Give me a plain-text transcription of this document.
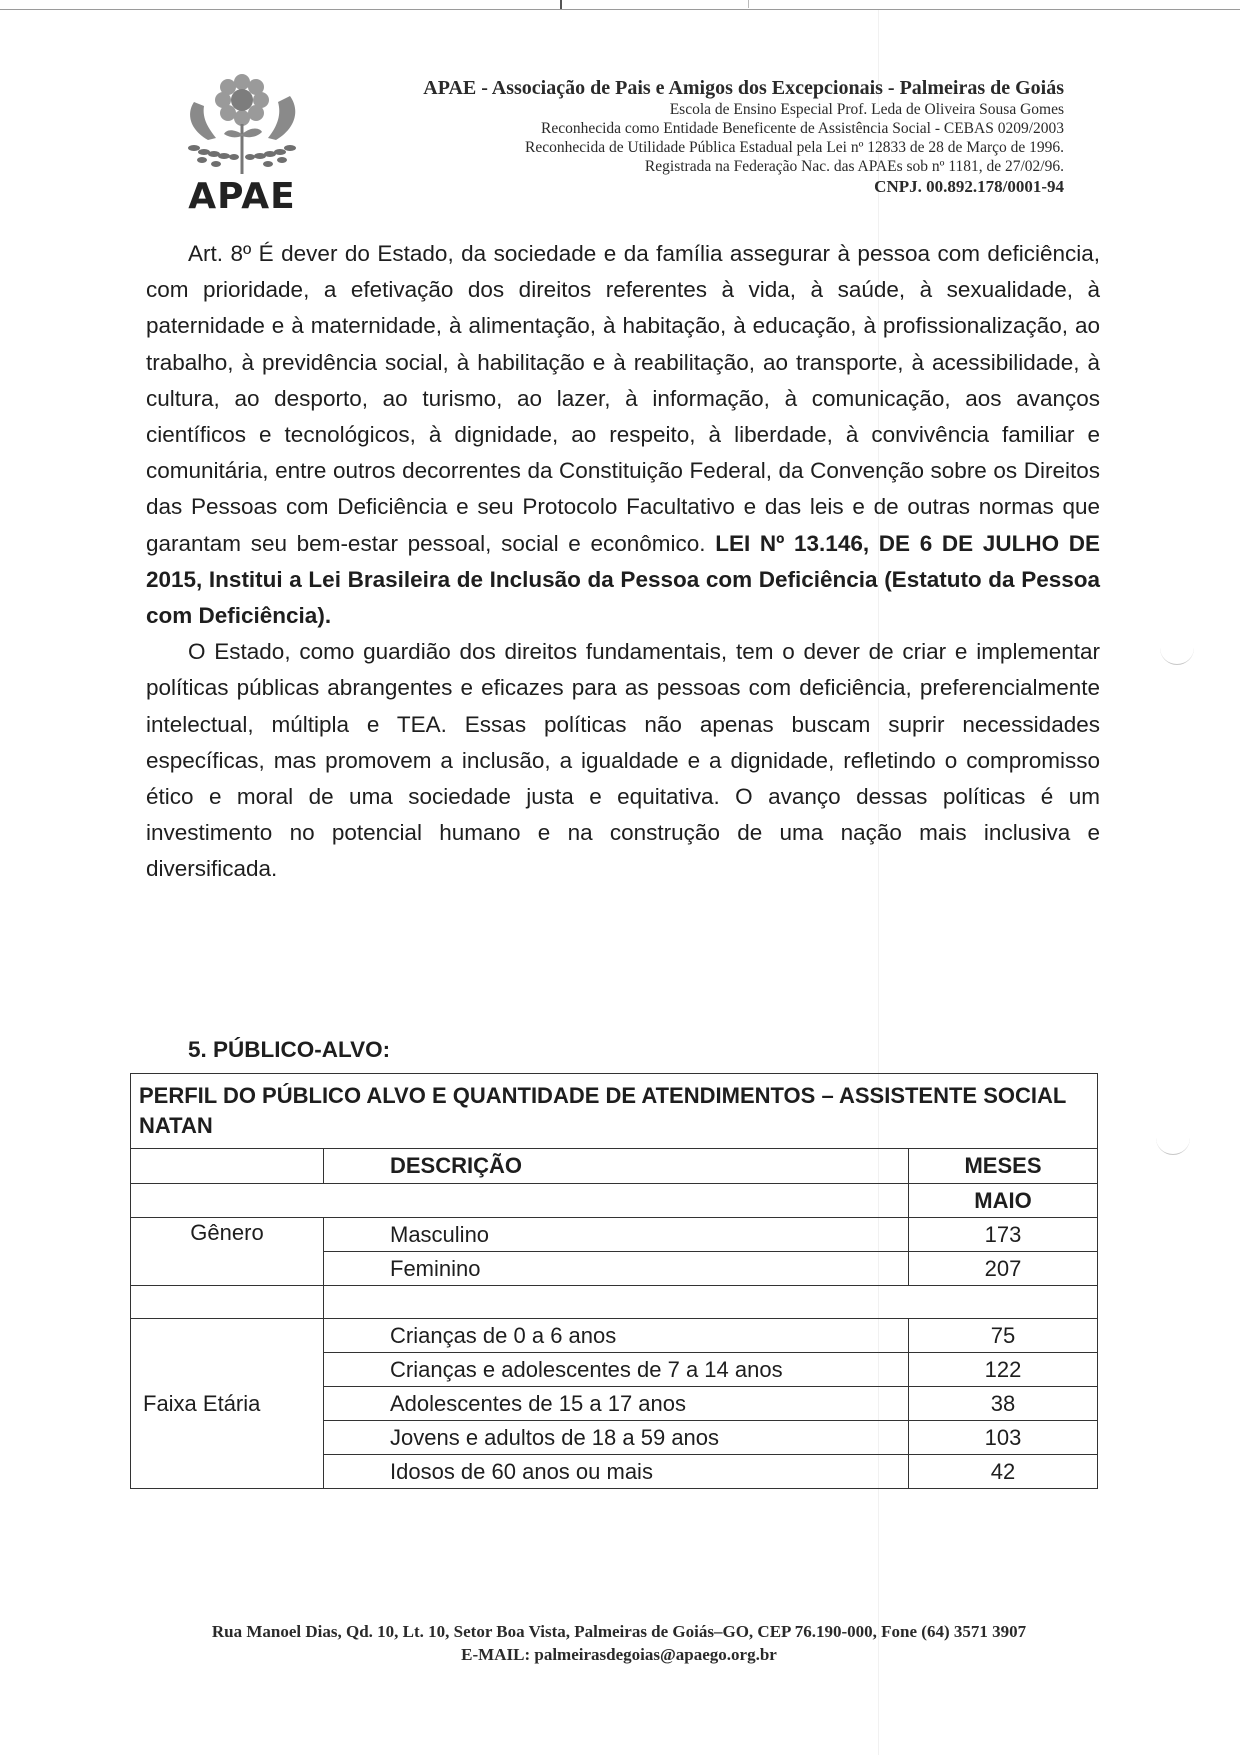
APAE
APAE - Associação de Pais e Amigos dos Excepcionais - Palmeiras de Goiás
Escola de Ensino Especial Prof. Leda de Oliveira Sousa Gomes
Reconhecida como Entidade Beneficente de Assistência Social - CEBAS 0209/2003
Reconhecida de Utilidade Pública Estadual pela Lei nº 12833 de 28 de Março de 1996.
Registrada na Federação Nac. das APAEs sob nº 1181, de 27/02/96.
CNPJ. 00.892.178/0001-94

Art. 8º É dever do Estado, da sociedade e da família assegurar à pessoa com deficiência, com prioridade, a efetivação dos direitos referentes à vida, à saúde, à sexualidade, à paternidade e à maternidade, à alimentação, à habitação, à educação, à profissionalização, ao trabalho, à previdência social, à habilitação e à reabilitação, ao transporte, à acessibilidade, à cultura, ao desporto, ao turismo, ao lazer, à informação, à comunicação, aos avanços científicos e tecnológicos, à dignidade, ao respeito, à liberdade, à convivência familiar e comunitária, entre outros decorrentes da Constituição Federal, da Convenção sobre os Direitos das Pessoas com Deficiência e seu Protocolo Facultativo e das leis e de outras normas que garantam seu bem-estar pessoal, social e econômico. LEI Nº 13.146, DE 6 DE JULHO DE 2015, Institui a Lei Brasileira de Inclusão da Pessoa com Deficiência (Estatuto da Pessoa com Deficiência).

O Estado, como guardião dos direitos fundamentais, tem o dever de criar e implementar políticas públicas abrangentes e eficazes para as pessoas com deficiência, preferencialmente intelectual, múltipla e TEA. Essas políticas não apenas buscam suprir necessidades específicas, mas promovem a inclusão, a igualdade e a dignidade, refletindo o compromisso ético e moral de uma sociedade justa e equitativa. O avanço dessas políticas é um investimento no potencial humano e na construção de uma nação mais inclusiva e diversificada.

5. PÚBLICO-ALVO:
PERFIL DO PÚBLICO ALVO E QUANTIDADE DE ATENDIMENTOS – ASSISTENTE SOCIAL NATAN		
	DESCRIÇÃO	MESES
		MAIO
Gênero	Masculino	173
	Feminino	207

Faixa Etária	Crianças de 0 a 6 anos	75
	Crianças e adolescentes de 7 a 14 anos	122
	Adolescentes de 15 a 17 anos	38
	Jovens e adultos de 18 a 59 anos	103
	Idosos de 60 anos ou mais	42
Rua Manoel Dias, Qd. 10, Lt. 10, Setor Boa Vista, Palmeiras de Goiás–GO, CEP 76.190-000, Fone (64) 3571 3907
E-MAIL: palmeirasdegoias@apaego.org.br
